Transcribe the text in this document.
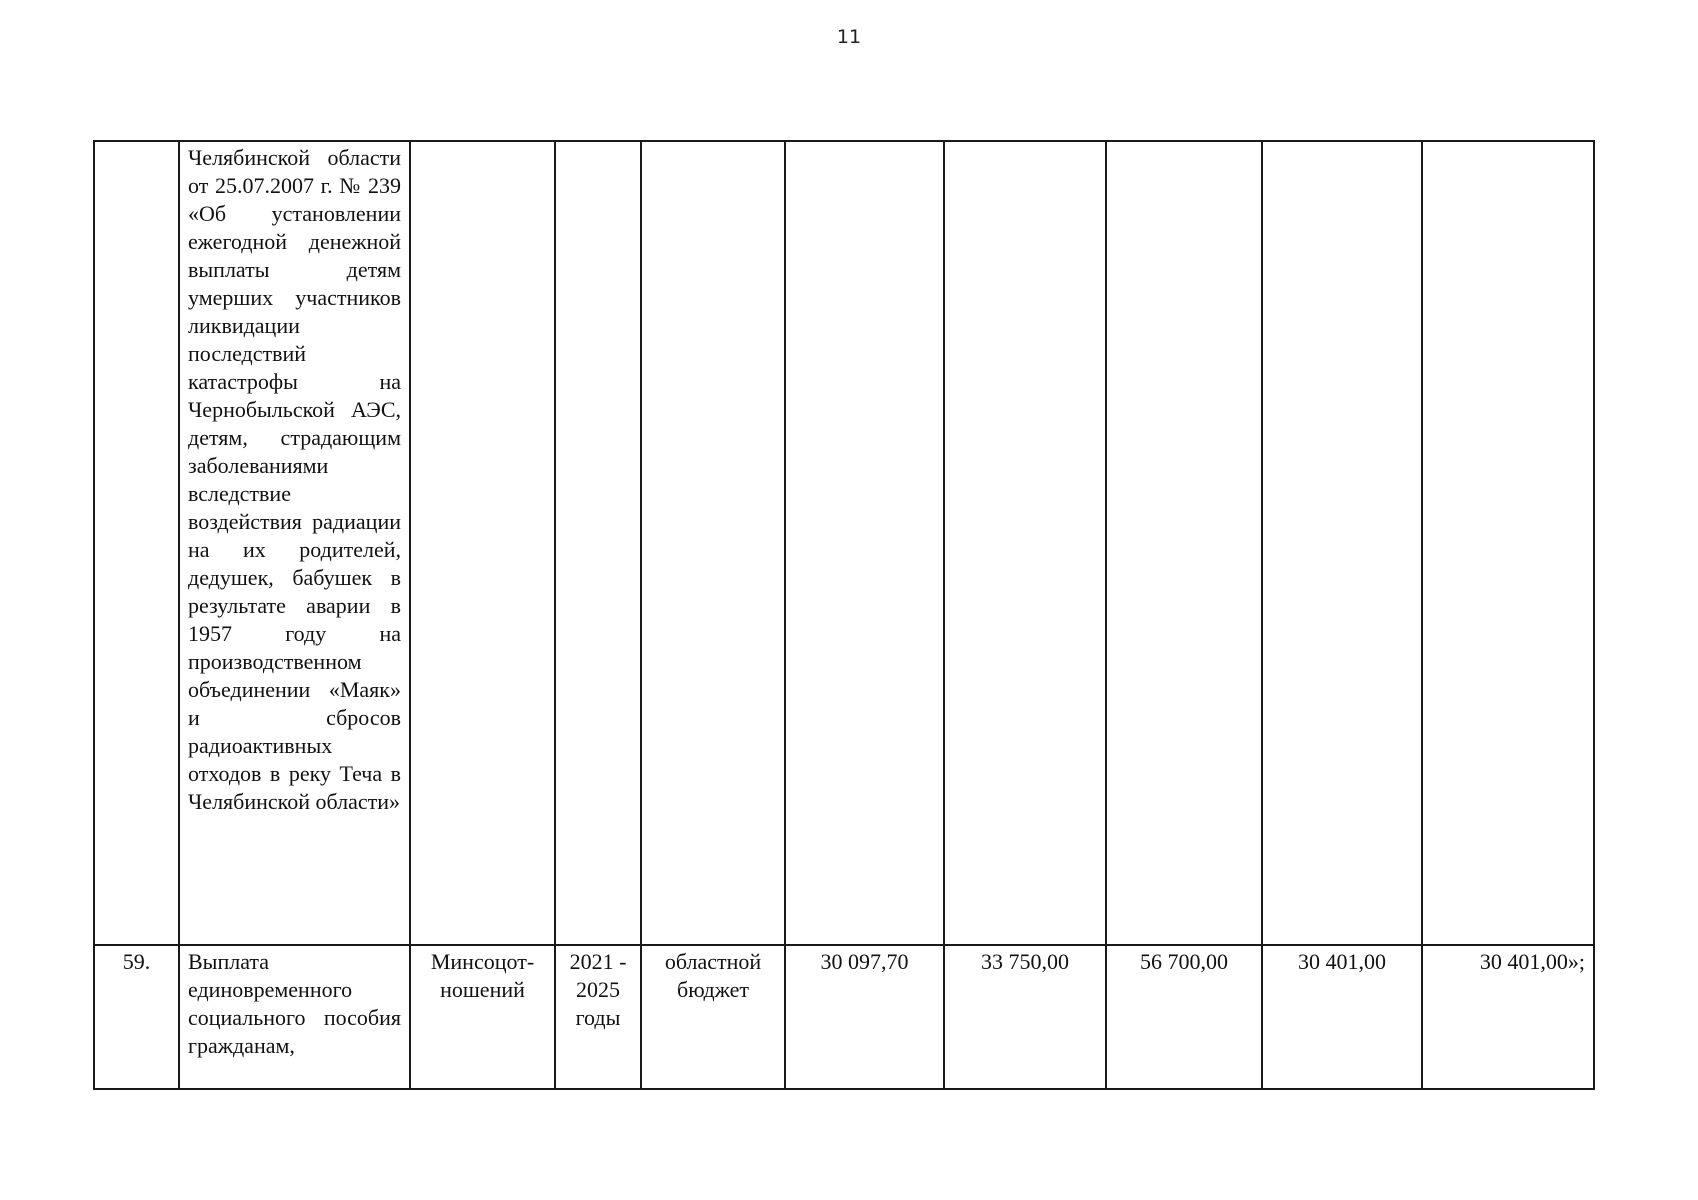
11

	Челябинской области от 25.07.2007 г. № 239 «Об установлении ежегодной денежной выплаты детям умерших участников ликвидации последствий катастрофы на Чернобыльской АЭС, детям, страдающим заболеваниями вследствие воздействия радиации на их родителей, дедушек, бабушек в результате аварии в 1957 году на производственном объединении «Маяк» и сбросов радиоактивных отходов в реку Теча в Челябинской области»								

59.	Выплата единовременного социального пособия гражданам,	Минсоцот-ношений	2021 - 2025 годы	областной бюджет	30 097,70	33 750,00	56 700,00	30 401,00	30 401,00»;
